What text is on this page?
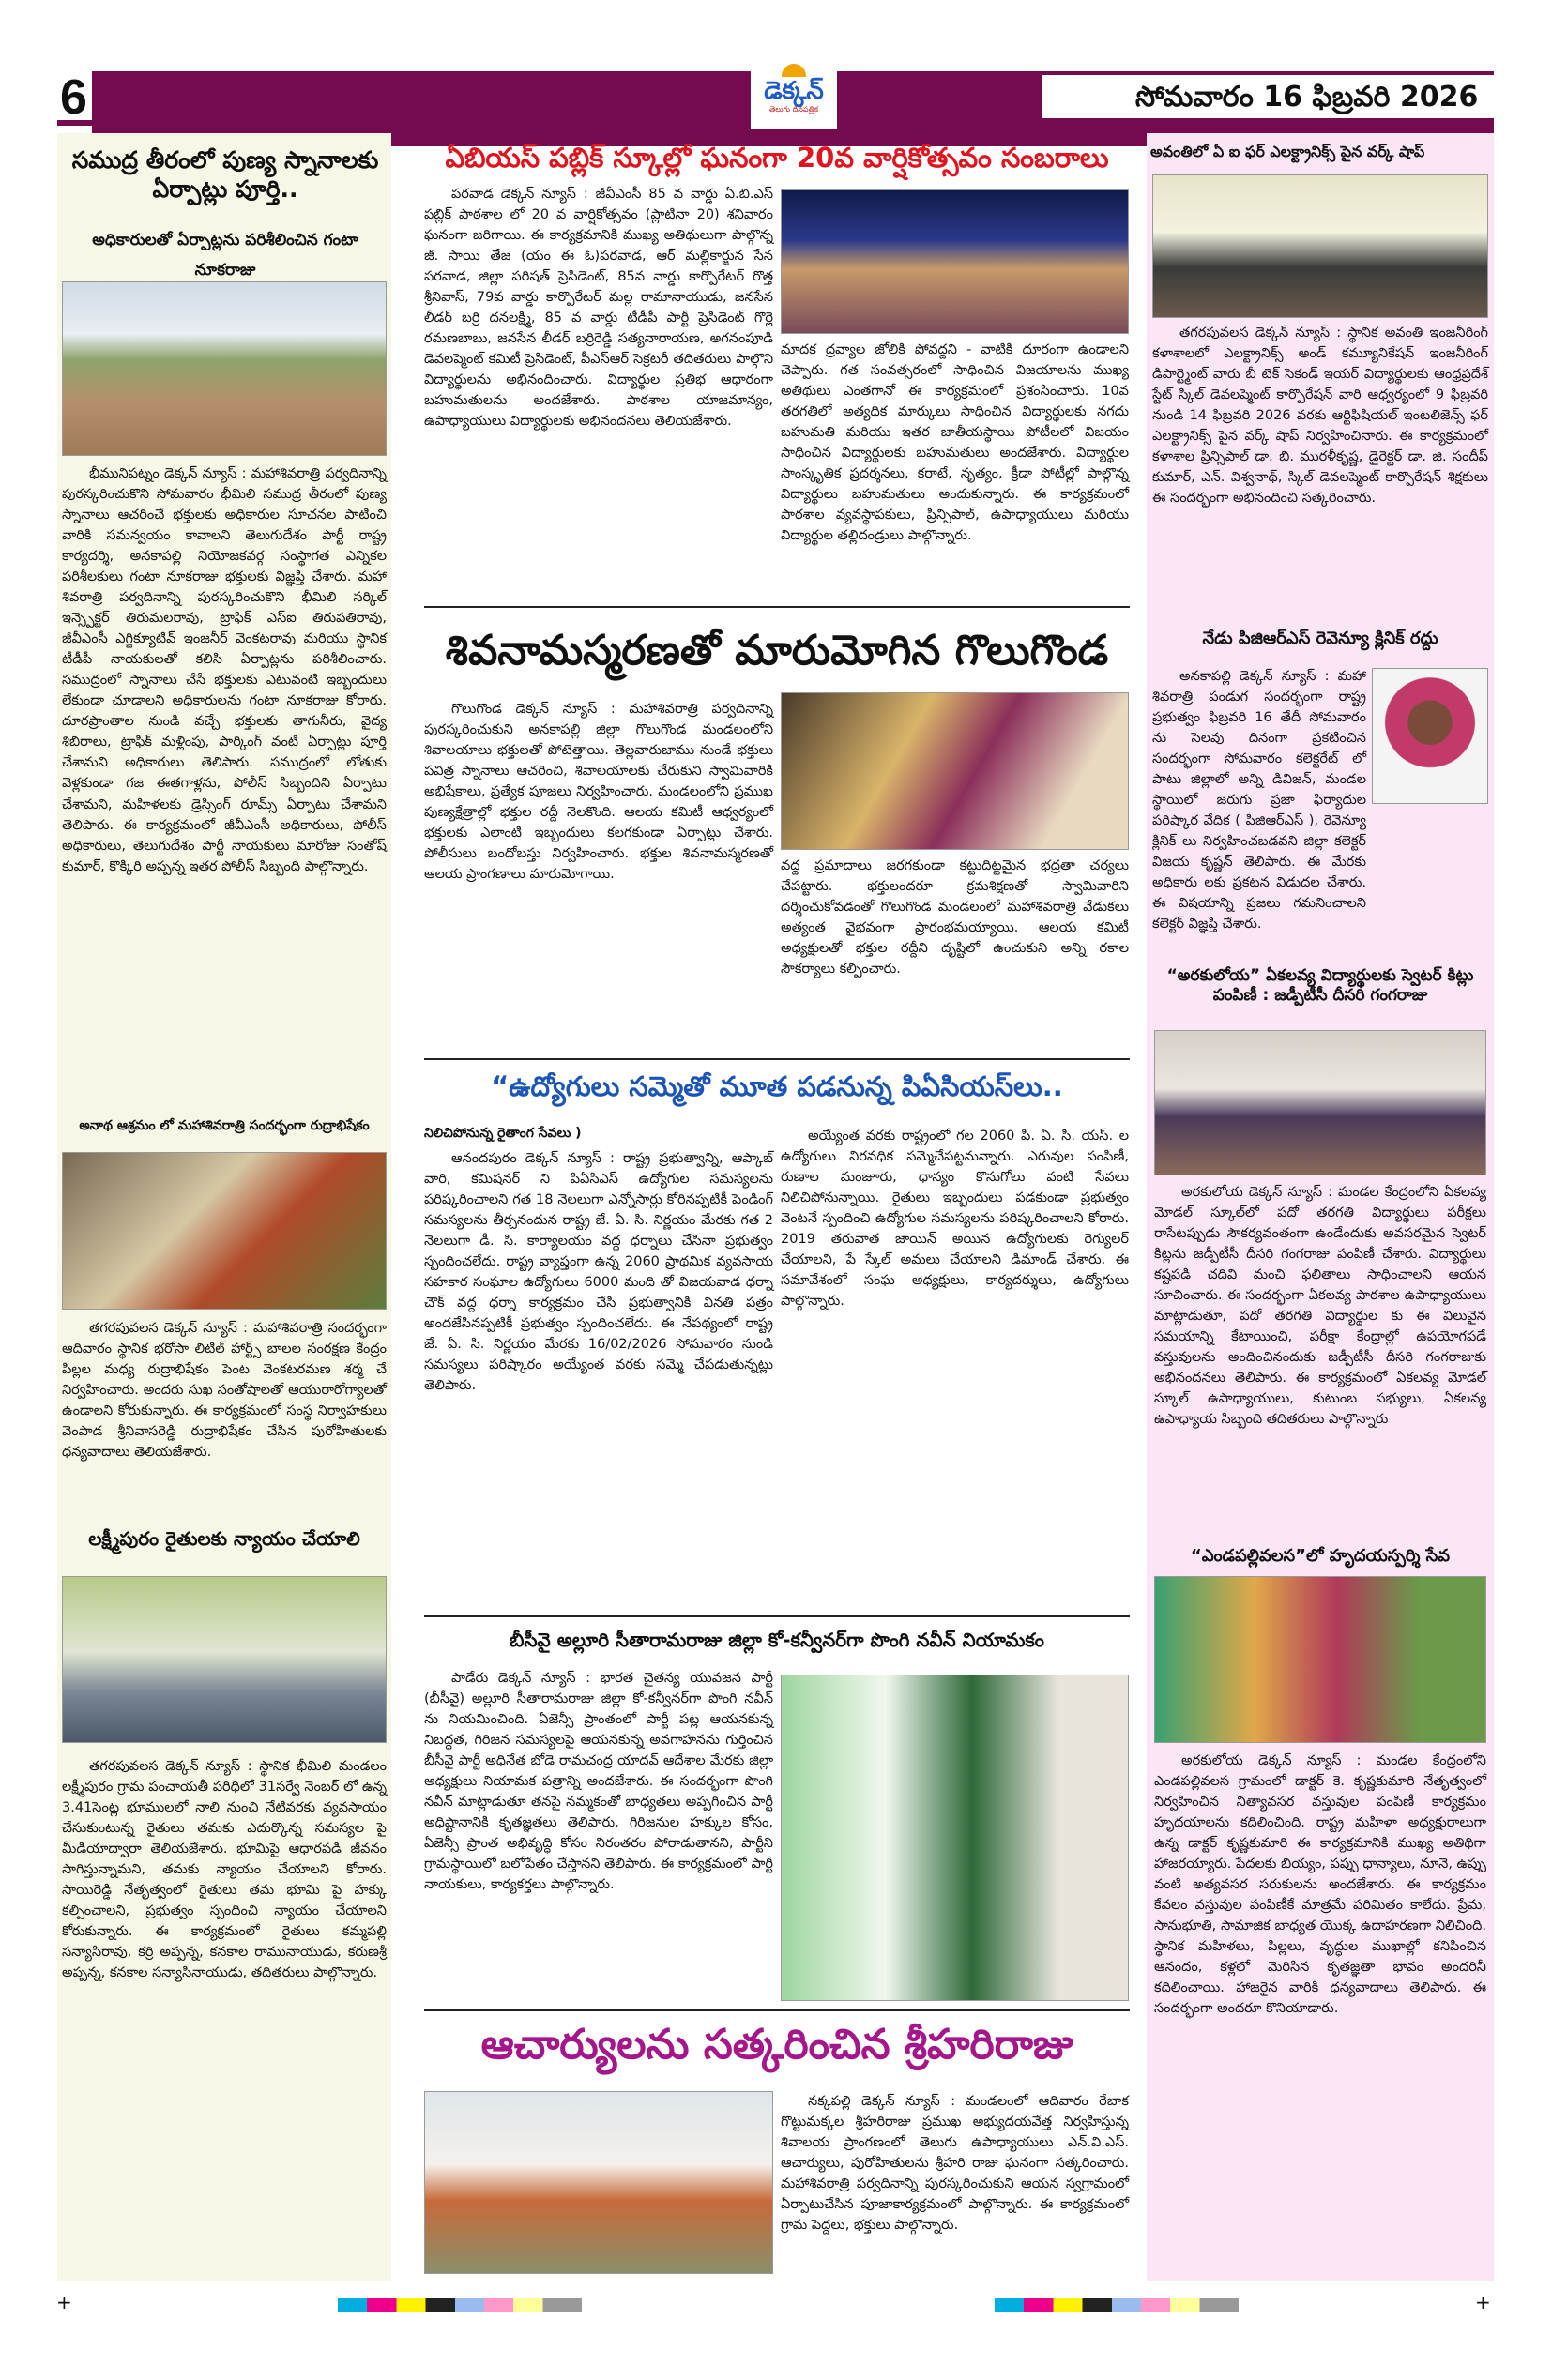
6	డెక్కన్
తెలుగు దినపత్రిక	సోమవారం 16 ఫిబ్రవరి 2026
సముద్ర తీరంలో పుణ్య స్నానాలకు ఏర్పాట్లు పూర్తి..
అధికారులతో ఏర్పాట్లను పరిశీలించిన గంటా నూకరాజు
భీమునిపట్నం డెక్కన్ న్యూస్ : మహాశివరాత్రి పర్వదినాన్ని పురస్కరించుకొని సోమవారం భీమిలి సముద్ర తీరంలో పుణ్య స్నానాలు ఆచరించే భక్తులకు అధికారుల సూచనల పాటించి వారికి సమన్వయం కావాలని తెలుగుదేశం పార్టీ రాష్ట్ర కార్యదర్శి, అనకాపల్లి నియోజకవర్గ సంస్థాగత ఎన్నికల పరిశీలకులు గంటా నూకరాజు భక్తులకు విజ్ఞప్తి చేశారు. మహా శివరాత్రి పర్వదినాన్ని పురస్కరించుకొని భీమిలి సర్కిల్ ఇన్స్పెక్టర్ తిరుమలరావు, ట్రాఫిక్ ఎస్ఐ తిరుపతిరావు, జీవీఎంసీ ఎగ్జిక్యూటివ్ ఇంజనీర్ వెంకటరావు మరియు స్థానిక టీడీపీ నాయకులతో కలిసి ఏర్పాట్లను పరిశీలించారు. సముద్రంలో స్నానాలు చేసే భక్తులకు ఎటువంటి ఇబ్బందులు లేకుండా చూడాలని అధికారులను గంటా నూకరాజు కోరారు. దూరప్రాంతాల నుండి వచ్చే భక్తులకు తాగునీరు, వైద్య శిబిరాలు, ట్రాఫిక్ మళ్లింపు, పార్కింగ్ వంటి ఏర్పాట్లు పూర్తి చేశామని అధికారులు తెలిపారు. సముద్రంలో లోతుకు వెళ్లకుండా గజ ఈతగాళ్లను, పోలీస్ సిబ్బందిని ఏర్పాటు చేశామని, మహిళలకు డ్రెస్సింగ్ రూమ్స్ ఏర్పాటు చేశామని తెలిపారు. ఈ కార్యక్రమంలో జీవీఎంసీ అధికారులు, పోలీస్ అధికారులు, తెలుగుదేశం పార్టీ నాయకులు మారోజు సంతోష్ కుమార్, కొక్కిరి అప్పన్న ఇతర పోలీస్ సిబ్బంది పాల్గొన్నారు.
అనాథ ఆశ్రమం లో మహాశివరాత్రి సందర్భంగా రుద్రాభిషేకం
తగరపువలస డెక్కన్ న్యూస్ : మహాశివరాత్రి సందర్భంగా ఆదివారం స్థానిక భరోసా లిటిల్ హార్ట్స్ బాలల సంరక్షణ కేంద్రం పిల్లల మధ్య రుద్రాభిషేకం పెంట వెంకటరమణ శర్మ చే నిర్వహించారు. అందరు సుఖ సంతోషాలతో ఆయురారోగ్యాలతో ఉండాలని కోరుకున్నారు. ఈ కార్యక్రమంలో సంస్థ నిర్వాహకులు వెంపాడ శ్రీనివాసరెడ్డి రుద్రాభిషేకం చేసిన పురోహితులకు ధన్యవాదాలు తెలియజేశారు.
లక్ష్మీపురం రైతులకు న్యాయం చేయాలి
తగరపువలస డెక్కన్ న్యూస్ : స్థానిక భీమిలి మండలం లక్ష్మీపురం గ్రామ పంచాయతీ పరిధిలో 31సర్వే నెంబర్ లో ఉన్న 3.41సెంట్ల భూములలో నాలి నుంచి నేటివరకు వ్యవసాయం చేసుకుంటున్న రైతులు తమకు ఎదుర్కొన్న సమస్యల పై మీడియాద్వారా తెలియజేశారు. భూమిపై ఆధారపడి జీవనం సాగిస్తున్నామని, తమకు న్యాయం చేయాలని కోరారు. సాయిరెడ్డి నేతృత్వంలో రైతులు తమ భూమి పై హక్కు కల్పించాలని, ప్రభుత్వం స్పందించి న్యాయం చేయాలని కోరుకున్నారు. ఈ కార్యక్రమంలో రైతులు కమ్మపల్లి సన్యాసిరావు, కర్రి అప్పన్న, కనకాల రామునాయుడు, కరుణశ్రీ అప్పన్న, కనకాల సన్యాసినాయుడు, తదితరులు పాల్గొన్నారు.
ఏబియస్ పబ్లిక్ స్కూల్లో ఘనంగా 20వ వార్షికోత్సవం సంబరాలు
పరవాడ డెక్కన్ న్యూస్ : జీవీఎంసీ 85 వ వార్డు ఏ.బి.ఎస్ పబ్లిక్ పాఠశాల లో 20 వ వార్షికోత్సవం (ప్లాటినా 20) శనివారం ఘనంగా జరిగాయి. ఈ కార్యక్రమానికి ముఖ్య అతిథులుగా పాల్గొన్న జీ. సాయి తేజ (యం ఈ ఓ)పరవాడ, ఆర్ మల్లికార్జున సేన పరవాడ, జిల్లా పరిషత్ ప్రెసిడెంట్, 85వ వార్డు కార్పొరేటర్ రొత్త శ్రీనివాస్, 79వ వార్డు కార్పొరేటర్ మల్ల రామానాయుడు, జనసేన లీడర్ బర్రి దనలక్ష్మి, 85 వ వార్డు టీడీపీ పార్టీ ప్రెసిడెంట్ గొర్లె రమణబాబు, జనసేన లీడర్ బర్రిరెడ్డి సత్యనారాయణ, అగనంపూడి డెవలప్మెంట్ కమిటీ ప్రెసిడెంట్, పీఎస్ఆర్ సెక్రటరీ తదితరులు పాల్గొని విద్యార్థులను అభినందించారు. విద్యార్థుల ప్రతిభ ఆధారంగా బహుమతులను అందజేశారు. పాఠశాల యాజమాన్యం, ఉపాధ్యాయులు విద్యార్థులకు అభినందనలు తెలియజేశారు.
మాదక ద్రవ్యాల జోలికి పోవద్దని - వాటికి దూరంగా ఉండాలని చెప్పారు. గత సంవత్సరంలో సాధించిన విజయాలను ముఖ్య అతిథులు ఎంతగానో ఈ కార్యక్రమంలో ప్రశంసించారు. 10వ తరగతిలో అత్యధిక మార్కులు సాధించిన విద్యార్థులకు నగదు బహుమతి మరియు ఇతర జాతీయస్థాయి పోటీలలో విజయం సాధించిన విద్యార్థులకు బహుమతులు అందజేశారు. విద్యార్థుల సాంస్కృతిక ప్రదర్శనలు, కరాటే, నృత్యం, క్రీడా పోటీల్లో పాల్గొన్న విద్యార్థులు బహుమతులు అందుకున్నారు. ఈ కార్యక్రమంలో పాఠశాల వ్యవస్థాపకులు, ప్రిన్సిపాల్, ఉపాధ్యాయులు మరియు విద్యార్థుల తల్లిదండ్రులు పాల్గొన్నారు.
శివనామస్మరణతో మారుమోగిన గొలుగొండ
గొలుగొండ డెక్కన్ న్యూస్ : మహాశివరాత్రి పర్వదినాన్ని పురస్కరించుకుని అనకాపల్లి జిల్లా గొలుగొండ మండలంలోని శివాలయాలు భక్తులతో పోటెత్తాయి. తెల్లవారుజాము నుండే భక్తులు పవిత్ర స్నానాలు ఆచరించి, శివాలయాలకు చేరుకుని స్వామివారికి అభిషేకాలు, ప్రత్యేక పూజలు నిర్వహించారు. మండలంలోని ప్రముఖ పుణ్యక్షేత్రాల్లో భక్తుల రద్దీ నెలకొంది. ఆలయ కమిటీ ఆధ్వర్యంలో భక్తులకు ఎలాంటి ఇబ్బందులు కలగకుండా ఏర్పాట్లు చేశారు. పోలీసులు బందోబస్తు నిర్వహించారు. భక్తుల శివనామస్మరణతో ఆలయ ప్రాంగణాలు మారుమోగాయి.
వద్ద ప్రమాదాలు జరగకుండా కట్టుదిట్టమైన భద్రతా చర్యలు చేపట్టారు. భక్తులందరూ క్రమశిక్షణతో స్వామివారిని దర్శించుకోవడంతో గొలుగొండ మండలంలో మహాశివరాత్రి వేడుకలు అత్యంత వైభవంగా ప్రారంభమయ్యాయి. ఆలయ కమిటీ అధ్యక్షులతో భక్తుల రద్దీని దృష్టిలో ఉంచుకుని అన్ని రకాల సౌకర్యాలు కల్పించారు.
“ఉద్యోగులు సమ్మెతో మూత పడనున్న పిఏసియస్‌లు..
నిలిచిపోనున్న రైతాంగ సేవలు )
ఆనందపురం డెక్కన్ న్యూస్ : రాష్ట్ర ప్రభుత్వాన్ని, ఆప్కాబ్ వారి, కమిషనర్ ని పిఏసిఎస్ ఉద్యోగుల సమస్యలను పరిష్కరించాలని గత 18 నెలలుగా ఎన్నోసార్లు కోరినప్పటికీ పెండింగ్ సమస్యలను తీర్చనందున రాష్ట్ర జే. ఏ. సి. నిర్ణయం మేరకు గత 2 నెలలుగా డీ. సి. కార్యాలయం వద్ద ధర్నాలు చేసినా ప్రభుత్వం స్పందించలేదు. రాష్ట్ర వ్యాప్తంగా ఉన్న 2060 ప్రాథమిక వ్యవసాయ సహకార సంఘాల ఉద్యోగులు 6000 మంది తో విజయవాడ ధర్నా చౌక్ వద్ద ధర్నా కార్యక్రమం చేసి ప్రభుత్వానికి వినతి పత్రం అందజేసినప్పటికీ ప్రభుత్వం స్పందించలేదు. ఈ నేపథ్యంలో రాష్ట్ర జే. ఏ. సి. నిర్ణయం మేరకు 16/02/2026 సోమవారం నుండి సమస్యలు పరిష్కారం అయ్యేంత వరకు సమ్మె చేపడుతున్నట్లు తెలిపారు.
అయ్యేంత వరకు రాష్ట్రంలో గల 2060 పి. ఏ. సి. యస్. ల ఉద్యోగులు నిరవధిక సమ్మెచేపట్టనున్నారు. ఎరువుల పంపిణీ, రుణాల మంజూరు, ధాన్యం కొనుగోలు వంటి సేవలు నిలిచిపోనున్నాయి. రైతులు ఇబ్బందులు పడకుండా ప్రభుత్వం వెంటనే స్పందించి ఉద్యోగుల సమస్యలను పరిష్కరించాలని కోరారు. 2019 తరువాత జాయిన్ అయిన ఉద్యోగులకు రెగ్యులర్ చేయాలని, పే స్కేల్ అమలు చేయాలని డిమాండ్ చేశారు. ఈ సమావేశంలో సంఘ అధ్యక్షులు, కార్యదర్శులు, ఉద్యోగులు పాల్గొన్నారు.
బీసీవై అల్లూరి సీతారామరాజు జిల్లా కో-కన్వీనర్‌గా పొంగి నవీన్ నియామకం
పాడేరు డెక్కన్ న్యూస్ : భారత చైతన్య యువజన పార్టీ (బీసీవై) అల్లూరి సీతారామరాజు జిల్లా కో-కన్వీనర్‌గా పొంగి నవీన్ ను నియమించింది. ఏజెన్సీ ప్రాంతంలో పార్టీ పట్ల ఆయనకున్న నిబద్ధత, గిరిజన సమస్యలపై ఆయనకున్న అవగాహనను గుర్తించిన బీసీవై పార్టీ అధినేత బోడె రామచంద్ర యాదవ్ ఆదేశాల మేరకు జిల్లా అధ్యక్షులు నియామక పత్రాన్ని అందజేశారు. ఈ సందర్భంగా పొంగి నవీన్ మాట్లాడుతూ తనపై నమ్మకంతో బాధ్యతలు అప్పగించిన పార్టీ అధిష్టానానికి కృతజ్ఞతలు తెలిపారు. గిరిజనుల హక్కుల కోసం, ఏజెన్సీ ప్రాంత అభివృద్ధి కోసం నిరంతరం పోరాడుతానని, పార్టీని గ్రామస్థాయిలో బలోపేతం చేస్తానని తెలిపారు. ఈ కార్యక్రమంలో పార్టీ నాయకులు, కార్యకర్తలు పాల్గొన్నారు.
ఆచార్యులను సత్కరించిన శ్రీహరిరాజు
నక్కపల్లి డెక్కన్ న్యూస్ : మండలంలో ఆదివారం రేబాక గొట్టుమక్కల శ్రీహరిరాజు ప్రముఖ అభ్యుదయవేత్త నిర్వహిస్తున్న శివాలయ ప్రాంగణంలో తెలుగు ఉపాధ్యాయులు ఎన్.వి.ఎస్. ఆచార్యులు, పురోహితులను శ్రీహరి రాజు ఘనంగా సత్కరించారు. మహాశివరాత్రి పర్వదినాన్ని పురస్కరించుకుని ఆయన స్వగ్రామంలో ఏర్పాటుచేసిన పూజాకార్యక్రమంలో పాల్గొన్నారు. ఈ కార్యక్రమంలో గ్రామ పెద్దలు, భక్తులు పాల్గొన్నారు.
అవంతిలో ఏ ఐ ఫర్ ఎలక్ట్రానిక్స్ పైన వర్క్ షాప్
తగరపువలస డెక్కన్ న్యూస్ : స్థానిక అవంతి ఇంజనీరింగ్ కళాశాలలో ఎలక్ట్రానిక్స్ అండ్ కమ్యూనికేషన్ ఇంజనీరింగ్ డిపార్ట్మెంట్ వారు బీ టెక్ సెకండ్ ఇయర్ విద్యార్థులకు ఆంధ్రప్రదేశ్ స్టేట్ స్కిల్ డెవలప్మెంట్ కార్పొరేషన్ వారి ఆధ్వర్యంలో 9 ఫిబ్రవరి నుండి 14 ఫిబ్రవరి 2026 వరకు ఆర్టిఫిషియల్ ఇంటలిజెన్స్ ఫర్ ఎలక్ట్రానిక్స్ పైన వర్క్ షాప్ నిర్వహించినారు. ఈ కార్యక్రమంలో కళాశాల ప్రిన్సిపాల్ డా. బి. మురళీకృష్ణ, డైరెక్టర్ డా. జి. సందీప్ కుమార్, ఎన్. విశ్వనాథ్, స్కిల్ డెవలప్మెంట్ కార్పొరేషన్ శిక్షకులు ఈ సందర్భంగా అభినందించి సత్కరించారు.
నేడు పిజిఆర్ఎస్ రెవెన్యూ క్లినిక్ రద్దు
అనకాపల్లి డెక్కన్ న్యూస్ : మహా శివరాత్రి పండుగ సందర్భంగా రాష్ట్ర ప్రభుత్వం ఫిబ్రవరి 16 తేదీ సోమవారం ను సెలవు దినంగా ప్రకటించిన సందర్భంగా సోమవారం కలెక్టరేట్ లో పాటు జిల్లాలో అన్ని డివిజన్, మండల స్థాయిలో జరుగు ప్రజా ఫిర్యాదుల పరిష్కార వేదిక ( పిజిఆర్ఎస్ ), రెవెన్యూ క్లినిక్ లు నిర్వహించబడవని జిల్లా కలెక్టర్ విజయ కృష్ణన్ తెలిపారు. ఈ మేరకు అధికారు లకు ప్రకటన విడుదల చేశారు. ఈ విషయాన్ని ప్రజలు గమనించాలని కలెక్టర్ విజ్ఞప్తి చేశారు.
“అరకులోయ” ఏకలవ్య విద్యార్థులకు స్వెటర్ కిట్లు పంపిణీ : జడ్పీటీసీ దీసరి గంగరాజు
అరకులోయ డెక్కన్ న్యూస్ : మండల కేంద్రంలోని ఏకలవ్య మోడల్ స్కూల్‌లో పదో తరగతి విద్యార్థులు పరీక్షలు రాసేటప్పుడు సౌకర్యవంతంగా ఉండేందుకు అవసరమైన స్వెటర్ కిట్లను జడ్పీటీసీ దీసరి గంగరాజు పంపిణీ చేశారు. విద్యార్థులు కష్టపడి చదివి మంచి ఫలితాలు సాధించాలని ఆయన సూచించారు. ఈ సందర్భంగా ఏకలవ్య పాఠశాల ఉపాధ్యాయులు మాట్లాడుతూ, పదో తరగతి విద్యార్థుల కు ఈ విలువైన సమయాన్ని కేటాయించి, పరీక్షా కేంద్రాల్లో ఉపయోగపడే వస్తువులను అందించినందుకు జడ్పీటీసీ దీసరి గంగరాజుకు అభినందనలు తెలిపారు. ఈ కార్యక్రమంలో ఏకలవ్య మోడల్ స్కూల్ ఉపాధ్యాయులు, కుటుంబ సభ్యులు, ఏకలవ్య ఉపాధ్యాయ సిబ్బంది తదితరులు పాల్గొన్నారు
“ఎండపల్లివలస”లో హృదయస్పర్శి సేవ
అరకులోయ డెక్కన్ న్యూస్ : మండల కేంద్రంలోని ఎండపల్లివలస గ్రామంలో డాక్టర్ కె. కృష్ణకుమారి నేతృత్వంలో నిర్వహించిన నిత్యావసర వస్తువుల పంపిణీ కార్యక్రమం హృదయాలను కదిలించింది. రాష్ట్ర మహిళా అధ్యక్షురాలుగా ఉన్న డాక్టర్ కృష్ణకుమారి ఈ కార్యక్రమానికి ముఖ్య అతిథిగా హాజరయ్యారు. పేదలకు బియ్యం, పప్పు ధాన్యాలు, నూనె, ఉప్పు వంటి అత్యవసర సరుకులను అందజేశారు. ఈ కార్యక్రమం కేవలం వస్తువుల పంపిణీకే మాత్రమే పరిమితం కాలేదు. ప్రేమ, సానుభూతి, సామాజిక బాధ్యత యొక్క ఉదాహరణగా నిలిచింది. స్థానిక మహిళలు, పిల్లలు, వృద్ధుల ముఖాల్లో కనిపించిన ఆనందం, కళ్లలో మెరిసిన కృతజ్ఞతా భావం అందరినీ కదిలించాయి. హాజరైన వారికి ధన్యవాదాలు తెలిపారు. ఈ సందర్భంగా అందరూ కొనియాడారు.
+	+
